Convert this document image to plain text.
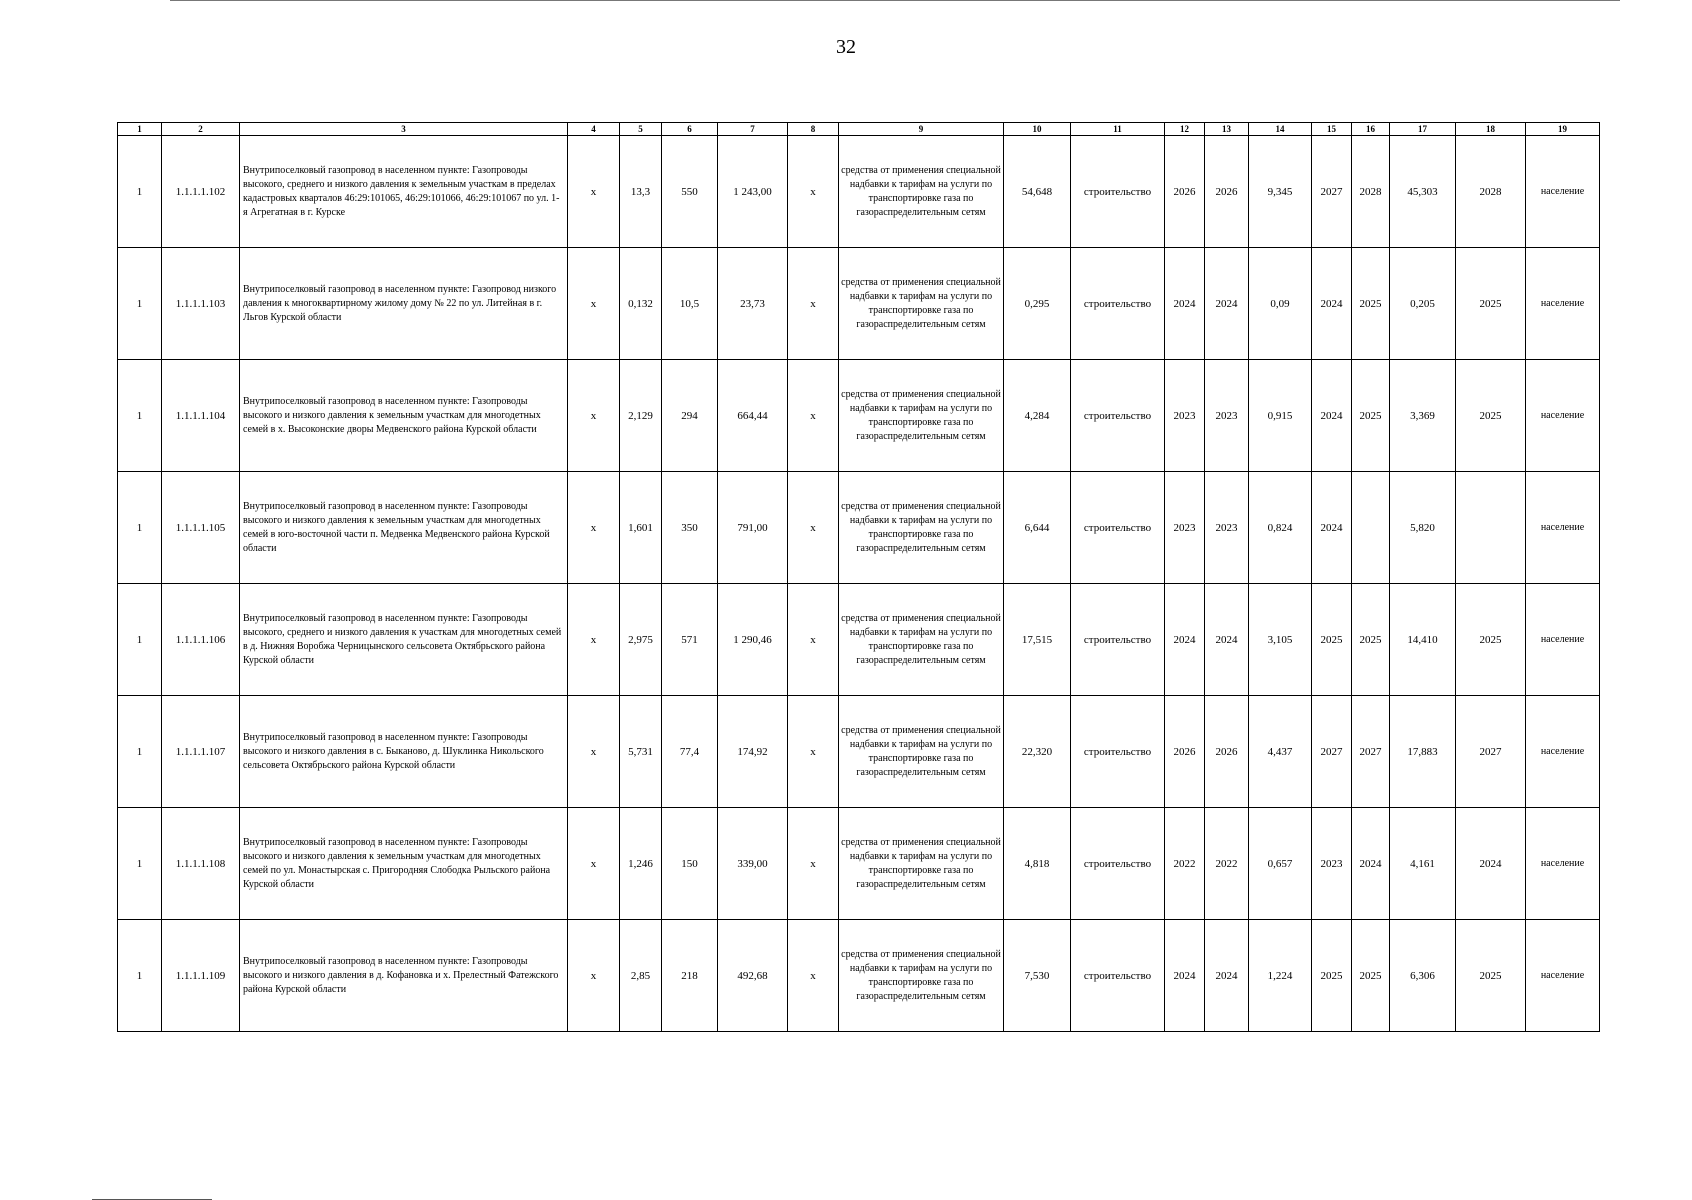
32
1	2	3	4	5	6	7	8	9	10	11	12	13	14	15	16	17	18	19
1	1.1.1.1.102	Внутрипоселковый газопровод в населенном пункте: Газопроводы высокого, среднего и низкого давления к земельным участкам в пределах кадастровых кварталов 46:29:101065, 46:29:101066, 46:29:101067 по ул. 1-я Агрегатная в г. Курске	х	13,3	550	1 243,00	х	средства от применения специальной надбавки к тарифам на услуги по транспортировке газа по газораспределительным сетям	54,648	строительство	2026	2026	9,345	2027	2028	45,303	2028	население
1	1.1.1.1.103	Внутрипоселковый газопровод в населенном пункте: Газопровод низкого давления к многоквартирному жилому дому № 22 по ул. Литейная в г. Льгов Курской области	х	0,132	10,5	23,73	х	средства от применения специальной надбавки к тарифам на услуги по транспортировке газа по газораспределительным сетям	0,295	строительство	2024	2024	0,09	2024	2025	0,205	2025	население
1	1.1.1.1.104	Внутрипоселковый газопровод в населенном пункте: Газопроводы высокого и низкого давления к земельным участкам для многодетных семей в х. Высоконские дворы Медвенского района Курской области	х	2,129	294	664,44	х	средства от применения специальной надбавки к тарифам на услуги по транспортировке газа по газораспределительным сетям	4,284	строительство	2023	2023	0,915	2024	2025	3,369	2025	население
1	1.1.1.1.105	Внутрипоселковый газопровод в населенном пункте: Газопроводы высокого и низкого давления к земельным участкам для многодетных семей в юго-восточной части п. Медвенка Медвенского района Курской области	х	1,601	350	791,00	х	средства от применения специальной надбавки к тарифам на услуги по транспортировке газа по газораспределительным сетям	6,644	строительство	2023	2023	0,824	2024		5,820		население
1	1.1.1.1.106	Внутрипоселковый газопровод в населенном пункте: Газопроводы высокого, среднего и низкого давления к участкам для многодетных семей в д. Нижняя Воробжа Черницынского сельсовета Октябрьского района Курской области	х	2,975	571	1 290,46	х	средства от применения специальной надбавки к тарифам на услуги по транспортировке газа по газораспределительным сетям	17,515	строительство	2024	2024	3,105	2025	2025	14,410	2025	население
1	1.1.1.1.107	Внутрипоселковый газопровод в населенном пункте: Газопроводы высокого и низкого давления в с. Быканово, д. Шуклинка Никольского сельсовета Октябрьского района Курской области	х	5,731	77,4	174,92	х	средства от применения специальной надбавки к тарифам на услуги по транспортировке газа по газораспределительным сетям	22,320	строительство	2026	2026	4,437	2027	2027	17,883	2027	население
1	1.1.1.1.108	Внутрипоселковый газопровод в населенном пункте: Газопроводы высокого и низкого давления к земельным участкам для многодетных семей по ул. Монастырская с. Пригородняя Слободка Рыльского района Курской области	х	1,246	150	339,00	х	средства от применения специальной надбавки к тарифам на услуги по транспортировке газа по газораспределительным сетям	4,818	строительство	2022	2022	0,657	2023	2024	4,161	2024	население
1	1.1.1.1.109	Внутрипоселковый газопровод в населенном пункте: Газопроводы высокого и низкого давления в д. Кофановка и х. Прелестный Фатежского района Курской области	х	2,85	218	492,68	х	средства от применения специальной надбавки к тарифам на услуги по транспортировке газа по газораспределительным сетям	7,530	строительство	2024	2024	1,224	2025	2025	6,306	2025	население
